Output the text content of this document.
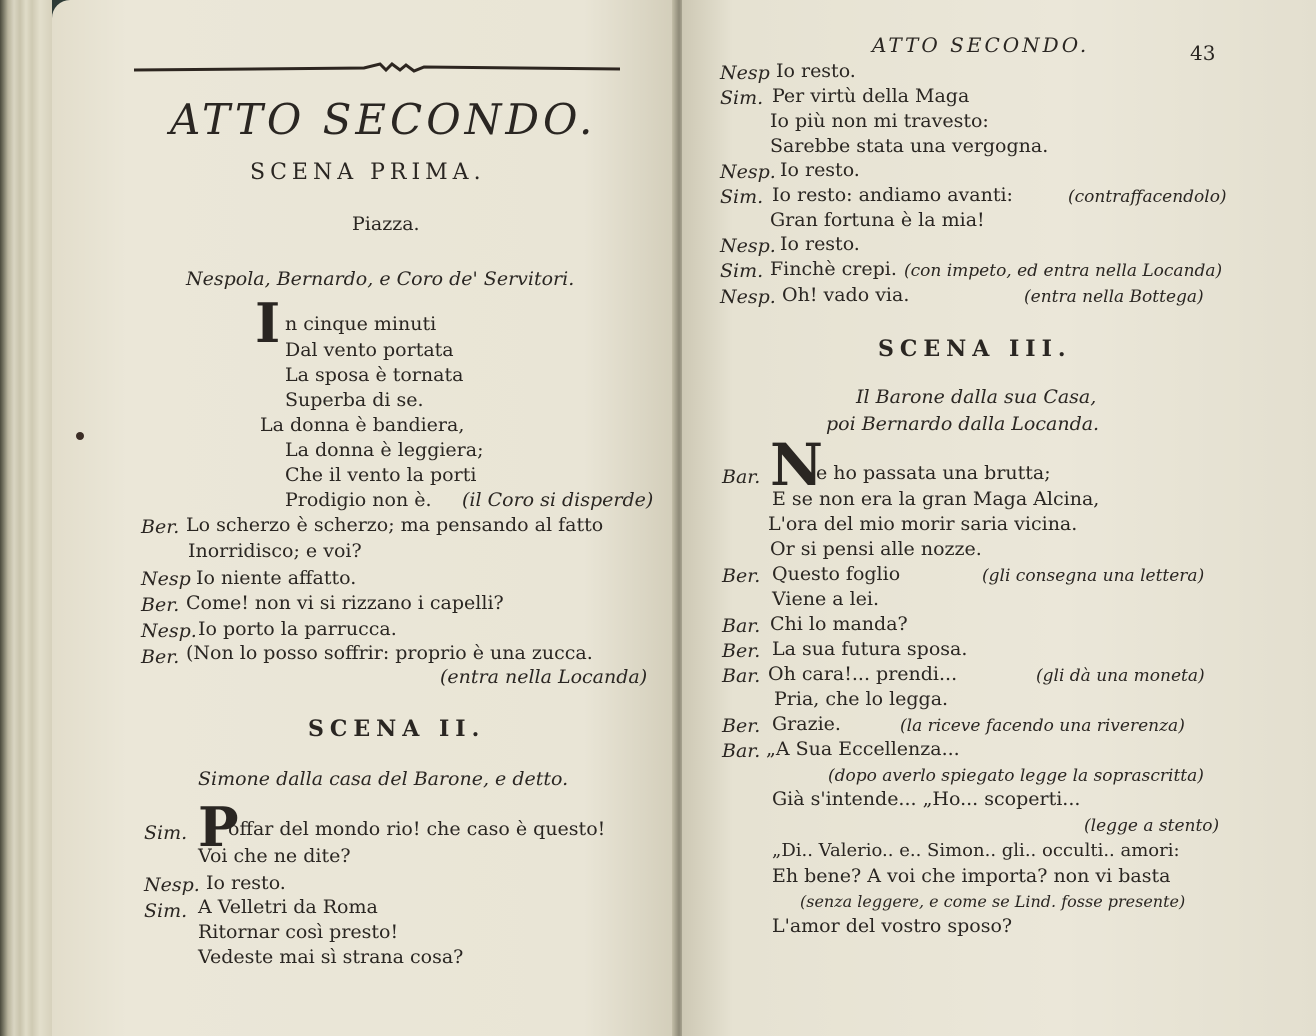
ATTO SECONDO.
SCENA PRIMA.
Piazza.
Nespola, Bernardo, e Coro de' Servitori.
I n cinque minuti
Dal vento portata
La sposa è tornata
Superba di se.
La donna è bandiera,
La donna è leggiera;
Che il vento la porti
Prodigio non è. (il Coro si disperde)
Ber. Lo scherzo è scherzo; ma pensando al fatto
Inorridisco; e voi?
Nesp Io niente affatto.
Ber. Come! non vi si rizzano i capelli?
Nesp. Io porto la parrucca.
Ber. (Non lo posso soffrir: proprio è una zucca.
(entra nella Locanda)
SCENA II.
Simone dalla casa del Barone, e detto.
Sim. P
offar del mondo rio! che caso è questo!
Voi che ne dite?
Nesp. Io resto.
Sim. A Velletri da Roma
Ritornar così presto!
Vedeste mai sì strana cosa?
ATTO SECONDO.	43
Nesp Io resto.
Sim. Per virtù della Maga
Io più non mi travesto:
Sarebbe stata una vergogna.
Nesp. Io resto.
Sim. Io resto: andiamo avanti:	(contraffacendolo)
Gran fortuna è la mia!
Nesp. Io resto.
Sim. Finchè crepi. (con impeto, ed entra nella Locanda)
Nesp. Oh! vado via.	(entra nella Bottega)
SCENA III.
Il Barone dalla sua Casa,
poi Bernardo dalla Locanda.
Bar. N
e ho passata una brutta;
E se non era la gran Maga Alcina,
L'ora del mio morir saria vicina.
Or si pensi alle nozze.
Ber. Questo foglio	(gli consegna una lettera)
Viene a lei.
Bar. Chi lo manda?
Ber. La sua futura sposa.
Bar. Oh cara!... prendi...	(gli dà una moneta)
Pria, che lo legga.
Ber. Grazie.	(la riceve facendo una riverenza)
Bar. „A Sua Eccellenza...
(dopo averlo spiegato legge la soprascritta)
Già s'intende... „Ho... scoperti...
(legge a stento)
„Di.. Valerio.. e.. Simon.. gli.. occulti.. amori:
Eh bene? A voi che importa? non vi basta
(senza leggere, e come se Lind. fosse presente)
L'amor del vostro sposo?
